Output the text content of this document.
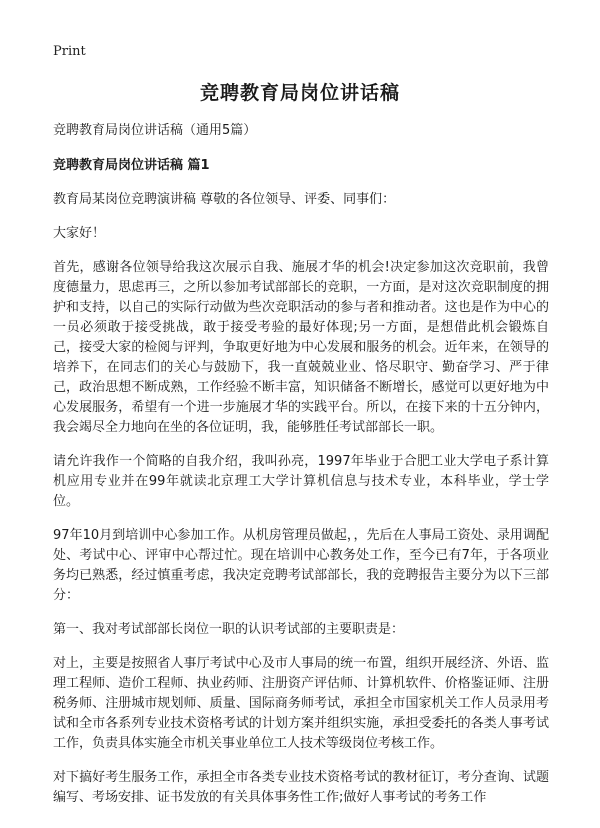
Print
竞聘教育局岗位讲话稿

竞聘教育局岗位讲话稿（通用5篇）

竞聘教育局岗位讲话稿 篇1

教育局某岗位竞聘演讲稿 尊敬的各位领导、评委、同事们：

大家好！

首先，感谢各位领导给我这次展示自我、施展才华的机会!决定参加这次竞职前，我曾度德量力，思虑再三，之所以参加考试部部长的竞职，一方面，是对这次竞职制度的拥护和支持，以自己的实际行动做为些次竞职活动的参与者和推动者。这也是作为中心的一员必须敢于接受挑战，敢于接受考验的最好体现;另一方面，是想借此机会锻炼自己，接受大家的检阅与评判，争取更好地为中心发展和服务的机会。近年来，在领导的培养下，在同志们的关心与鼓励下，我一直兢兢业业、恪尽职守、勤奋学习、严于律己，政治思想不断成熟，工作经验不断丰富，知识储备不断增长，感觉可以更好地为中心发展服务，希望有一个进一步施展才华的实践平台。所以，在接下来的十五分钟内，我会竭尽全力地向在坐的各位证明，我，能够胜任考试部部长一职。

请允许我作一个简略的自我介绍，我叫孙亮，1997年毕业于合肥工业大学电子系计算机应用专业并在99年就读北京理工大学计算机信息与技术专业，本科毕业，学士学位。

97年10月到培训中心参加工作。从机房管理员做起，，先后在人事局工资处、录用调配处、考试中心、评审中心帮过忙。现在培训中心教务处工作，至今已有7年，于各项业务均已熟悉，经过慎重考虑，我决定竞聘考试部部长，我的竞聘报告主要分为以下三部分：

第一、我对考试部部长岗位一职的认识考试部的主要职责是：

对上，主要是按照省人事厅考试中心及市人事局的统一布置，组织开展经济、外语、监理工程师、造价工程师、执业药师、注册资产评估师、计算机软件、价格鉴证师、注册税务师、注册城市规划师、质量、国际商务师考试，承担全市国家机关工作人员录用考试和全市各系列专业技术资格考试的计划方案并组织实施，承担受委托的各类人事考试工作，负责具体实施全市机关事业单位工人技术等级岗位考核工作。

对下搞好考生服务工作，承担全市各类专业技术资格考试的教材征订，考分查询、试题编写、考场安排、证书发放的有关具体事务性工作;做好人事考试的考务工作
